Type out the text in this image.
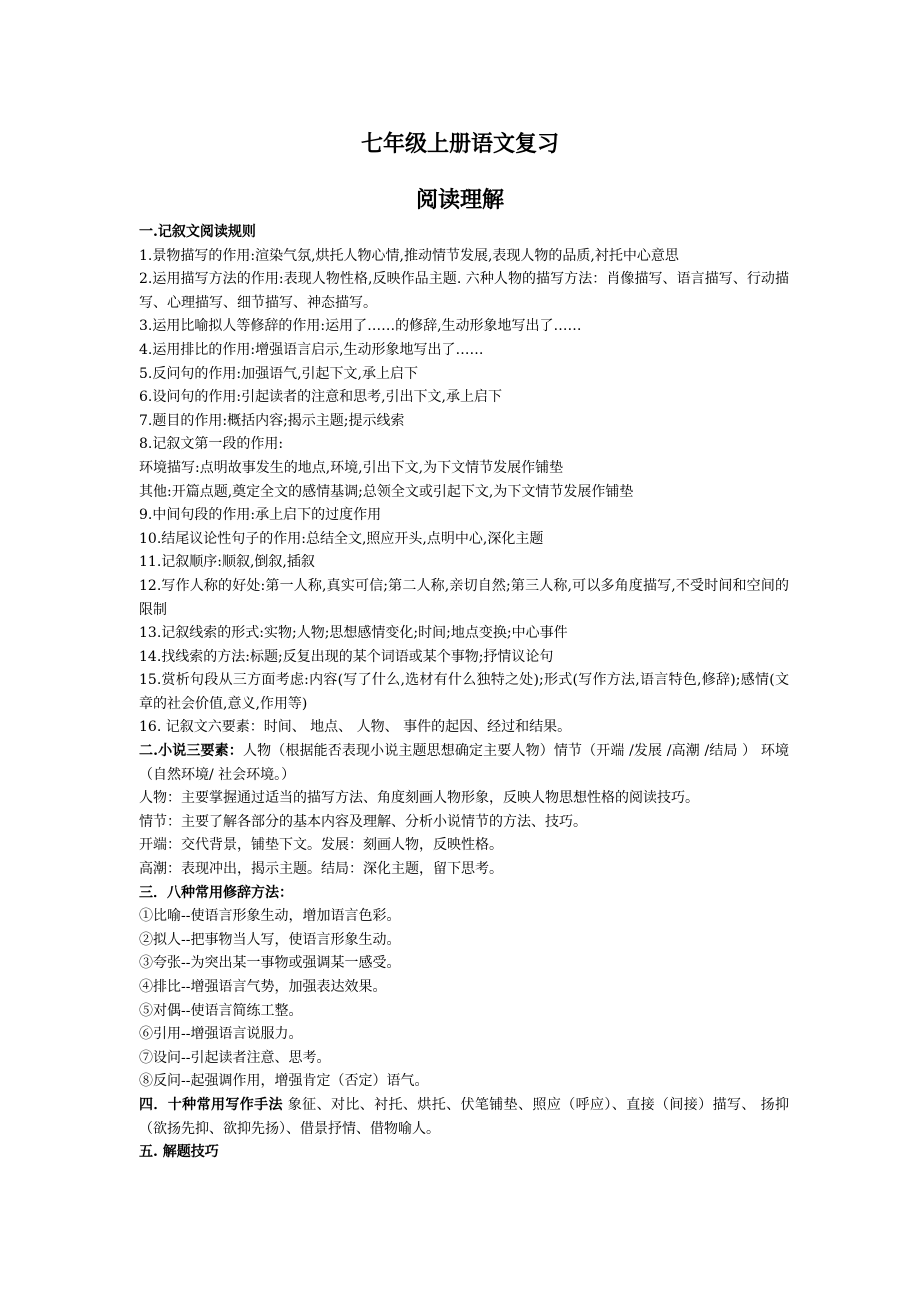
七年级上册语文复习
阅读理解
一.记叙文阅读规则
1.景物描写的作用:渲染气氛,烘托人物心情,推动情节发展,表现人物的品质,衬托中心意思
2.运用描写方法的作用:表现人物性格,反映作品主题. 六种人物的描写方法：肖像描写、语言描写、行动描写、心理描写、细节描写、神态描写。
3.运用比喻拟人等修辞的作用:运用了……的修辞,生动形象地写出了……
4.运用排比的作用:增强语言启示,生动形象地写出了……
5.反问句的作用:加强语气,引起下文,承上启下
6.设问句的作用:引起读者的注意和思考,引出下文,承上启下
7.题目的作用:概括内容;揭示主题;提示线索
8.记叙文第一段的作用:
环境描写:点明故事发生的地点,环境,引出下文,为下文情节发展作铺垫
其他:开篇点题,奠定全文的感情基调;总领全文或引起下文,为下文情节发展作铺垫
9.中间句段的作用:承上启下的过度作用
10.结尾议论性句子的作用:总结全文,照应开头,点明中心,深化主题
11.记叙顺序:顺叙,倒叙,插叙
12.写作人称的好处:第一人称,真实可信;第二人称,亲切自然;第三人称,可以多角度描写,不受时间和空间的限制
13.记叙线索的形式:实物;人物;思想感情变化;时间;地点变换;中心事件
14.找线索的方法:标题;反复出现的某个词语或某个事物;抒情议论句
15.赏析句段从三方面考虑:内容(写了什么,选材有什么独特之处);形式(写作方法,语言特色,修辞);感情(文章的社会价值,意义,作用等)
16. 记叙文六要素：时间、 地点、 人物、 事件的起因、经过和结果。
二.小说三要素：人物（根据能否表现小说主题思想确定主要人物）情节（开端 /发展 /高潮 /结局 ） 环境（自然环境/ 社会环境。）
人物：主要掌握通过适当的描写方法、角度刻画人物形象，反映人物思想性格的阅读技巧。
情节：主要了解各部分的基本内容及理解、分析小说情节的方法、技巧。
开端：交代背景，铺垫下文。发展：刻画人物，反映性格。
高潮：表现冲出，揭示主题。结局：深化主题，留下思考。
三．八种常用修辞方法：
①比喻--使语言形象生动，增加语言色彩。
②拟人--把事物当人写，使语言形象生动。
③夸张--为突出某一事物或强调某一感受。
④排比--增强语言气势，加强表达效果。
⑤对偶--使语言简练工整。
⑥引用--增强语言说服力。
⑦设问--引起读者注意、思考。
⑧反问--起强调作用，增强肯定（否定）语气。
四．十种常用写作手法 象征、对比、衬托、烘托、伏笔铺垫、照应（呼应）、直接（间接）描写、 扬抑（欲扬先抑、欲抑先扬）、借景抒情、借物喻人。
五. 解题技巧
